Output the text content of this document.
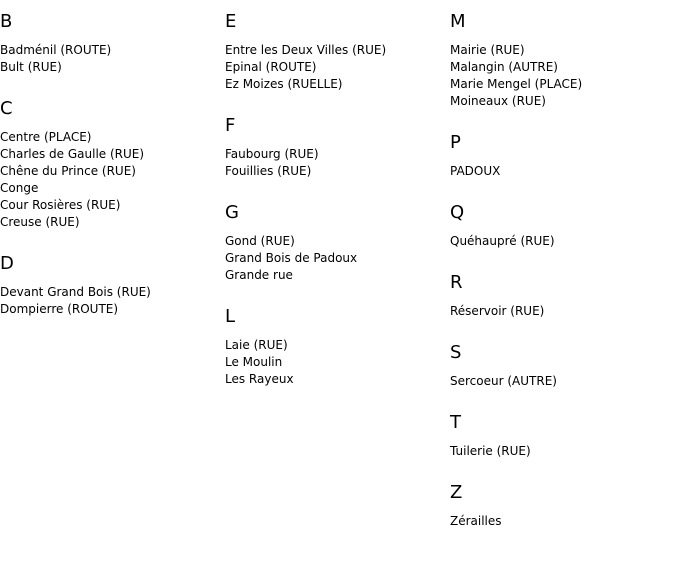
B
Badménil (ROUTE)
Bult (RUE)
C
Centre (PLACE)
Charles de Gaulle (RUE)
Chêne du Prince (RUE)
Conge
Cour Rosières (RUE)
Creuse (RUE)
D
Devant Grand Bois (RUE)
Dompierre (ROUTE)
E
Entre les Deux Villes (RUE)
Epinal (ROUTE)
Ez Moizes (RUELLE)
F
Faubourg (RUE)
Fouillies (RUE)
G
Gond (RUE)
Grand Bois de Padoux
Grande rue
L
Laie (RUE)
Le Moulin
Les Rayeux
M
Mairie (RUE)
Malangin (AUTRE)
Marie Mengel (PLACE)
Moineaux (RUE)
P
PADOUX
Q
Quéhaupré (RUE)
R
Réservoir (RUE)
S
Sercoeur (AUTRE)
T
Tuilerie (RUE)
Z
Zérailles
